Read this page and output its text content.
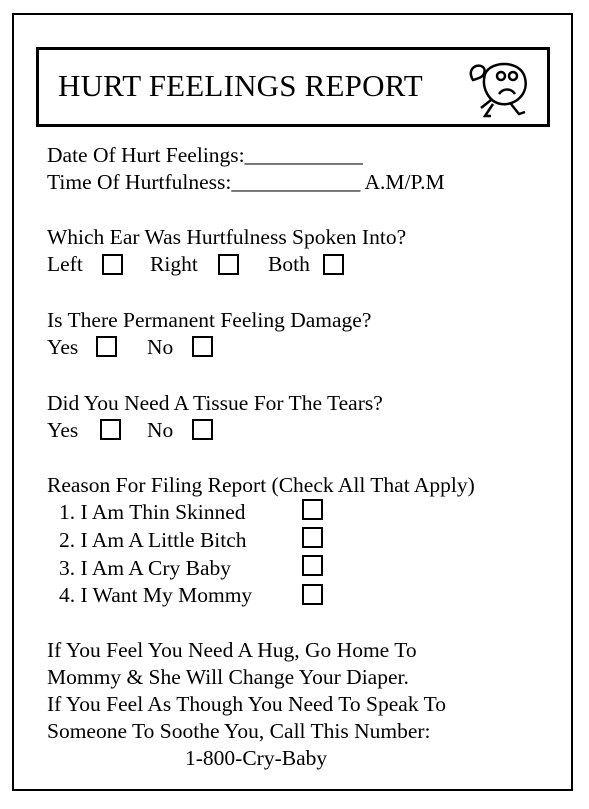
HURT FEELINGS REPORT
Date Of Hurt Feelings:___________
Time Of Hurtfulness:____________ A.M/P.M
Which Ear Was Hurtfulness Spoken Into?
Left	Right	Both
Is There Permanent Feeling Damage?
Yes	No
Did You Need A Tissue For The Tears?
Yes	No
Reason For Filing Report (Check All That Apply)
1. I Am Thin Skinned
2. I Am A Little Bitch
3. I Am A Cry Baby
4. I Want My Mommy
If You Feel You Need A Hug, Go Home To
Mommy & She Will Change Your Diaper.
If You Feel As Though You Need To Speak To
Someone To Soothe You, Call This Number:
1-800-Cry-Baby
